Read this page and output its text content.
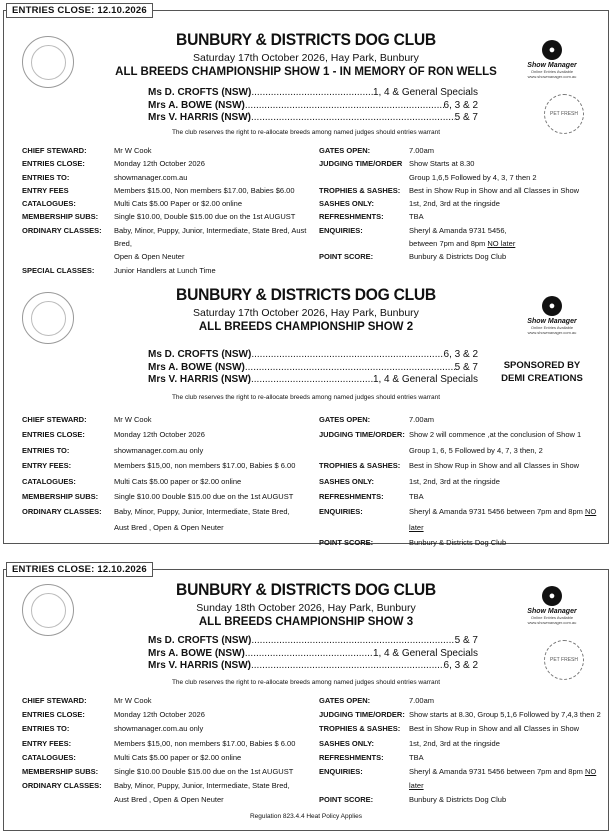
ENTRIES CLOSE: 12.10.2026
ENTRIES CLOSE: 12.10.2026
●
Show Manager
Online Entries Available www.showmanager.com.au
PET FRESH
BUNBURY & DISTRICTS DOG CLUB
Saturday 17th October 2026, Hay Park, Bunbury
ALL BREEDS CHAMPIONSHIP SHOW 1 - IN MEMORY OF RON WELLS
Ms D. CROFTS (NSW) .....	1, 4 & General Specials
Mrs A. BOWE (NSW) .....	6, 3 & 2
Mrs V. HARRIS (NSW) .....	5 & 7
The club reserves the right to re-allocate breeds among named judges should entries warrant
CHIEF STEWARD:	Mr W Cook
ENTRIES CLOSE:	Monday 12th October 2026
ENTRIES TO:	showmanager.com.au
ENTRY FEES	Members $15.00, Non members $17.00, Babies $6.00
CATALOGUES:	Multi Cats $5.00 Paper or $2.00 online
MEMBERSHIP SUBS:	Single $10.00, Double $15.00 due on the 1st AUGUST
ORDINARY CLASSES:	Baby, Minor, Puppy, Junior, Intermediate, State Bred, Aust Bred,
Open & Open Neuter
SPECIAL CLASSES:	Junior Handlers at Lunch Time
GATES OPEN:	7.00am
JUDGING TIME/ORDER Show Starts at 8.30
Group 1,6,5 Followed by 4, 3, 7 then 2
TROPHIES & SASHES:	Best in Show Rup in Show and all Classes in Show
SASHES ONLY:	1st, 2nd, 3rd at the ringside
REFRESHMENTS:	TBA
ENQUIRIES:	Sheryl & Amanda 9731 5456,
between 7pm and 8pm NO later
POINT SCORE:	Bunbury & Districts Dog Club
●
Show Manager
Online Entries Available www.showmanager.com.au
BUNBURY & DISTRICTS DOG CLUB
Saturday 17th October 2026, Hay Park, Bunbury
ALL BREEDS CHAMPIONSHIP SHOW 2
Ms D. CROFTS (NSW) .....	6, 3 & 2
Mrs A. BOWE (NSW) .....	5 & 7
Mrs V. HARRIS (NSW) .....	1, 4 & General Specials
SPONSORED BY
DEMI CREATIONS
The club reserves the right to re-allocate breeds among named judges should entries warrant
CHIEF STEWARD:	Mr W Cook
ENTRIES CLOSE:	Monday 12th October 2026
ENTRIES TO:	showmanager.com.au only
ENTRY FEES:	Members $15,00, non members $17.00, Babies $ 6.00
CATALOGUES:	Multi Cats $5.00 paper or $2.00 online
MEMBERSHIP SUBS:	Single $10.00 Double $15.00 due on the 1st AUGUST
ORDINARY CLASSES:	Baby, Minor, Puppy, Junior, Intermediate, State Bred,
Aust Bred , Open & Open Neuter
GATES OPEN:	7.00am
JUDGING TIME/ORDER: Show 2 will commence ,at the conclusion of Show 1
Group 1, 6, 5 Followed by 4, 7, 3 then, 2
TROPHIES & SASHES:	Best in Show Rup in Show and all Classes in Show
SASHES ONLY:	1st, 2nd, 3rd at the ringside
REFRESHMENTS:	TBA
ENQUIRIES:	Sheryl & Amanda 9731 5456 between 7pm and 8pm NO later
POINT SCORE:	Bunbury & Districts Dog Club
●
Show Manager
Online Entries Available www.showmanager.com.au
PET FRESH
BUNBURY & DISTRICTS DOG CLUB
Sunday 18th October 2026, Hay Park, Bunbury
ALL BREEDS CHAMPIONSHIP SHOW 3
Ms D. CROFTS (NSW) .....	5 & 7
Mrs A. BOWE (NSW) .....	1, 4 & General Specials
Mrs V. HARRIS (NSW) .....	6, 3 & 2
The club reserves the right to re-allocate breeds among named judges should entries warrant
CHIEF STEWARD:	Mr W Cook
ENTRIES CLOSE:	Monday 12th October 2026
ENTRIES TO:	showmanager.com.au only
ENTRY FEES:	Members $15,00, non members $17.00, Babies $ 6.00
CATALOGUES:	Multi Cats $5.00 paper or $2.00 online
MEMBERSHIP SUBS:	Single $10.00 Double $15.00 due on the 1st AUGUST
ORDINARY CLASSES:	Baby, Minor, Puppy, Junior, Intermediate, State Bred,
Aust Bred , Open & Open Neuter
GATES OPEN:	7.00am
JUDGING TIME/ORDER: Show starts at 8.30, Group 5,1,6 Followed by 7,4,3 then 2
TROPHIES & SASHES:	Best in Show Rup in Show and all Classes in Show
SASHES ONLY:	1st, 2nd, 3rd at the ringside
REFRESHMENTS:	TBA
ENQUIRIES:	Sheryl & Amanda 9731 5456 between 7pm and 8pm NO later
POINT SCORE:	Bunbury & Districts Dog Club
Regulation 823.4.4 Heat Policy Applies
